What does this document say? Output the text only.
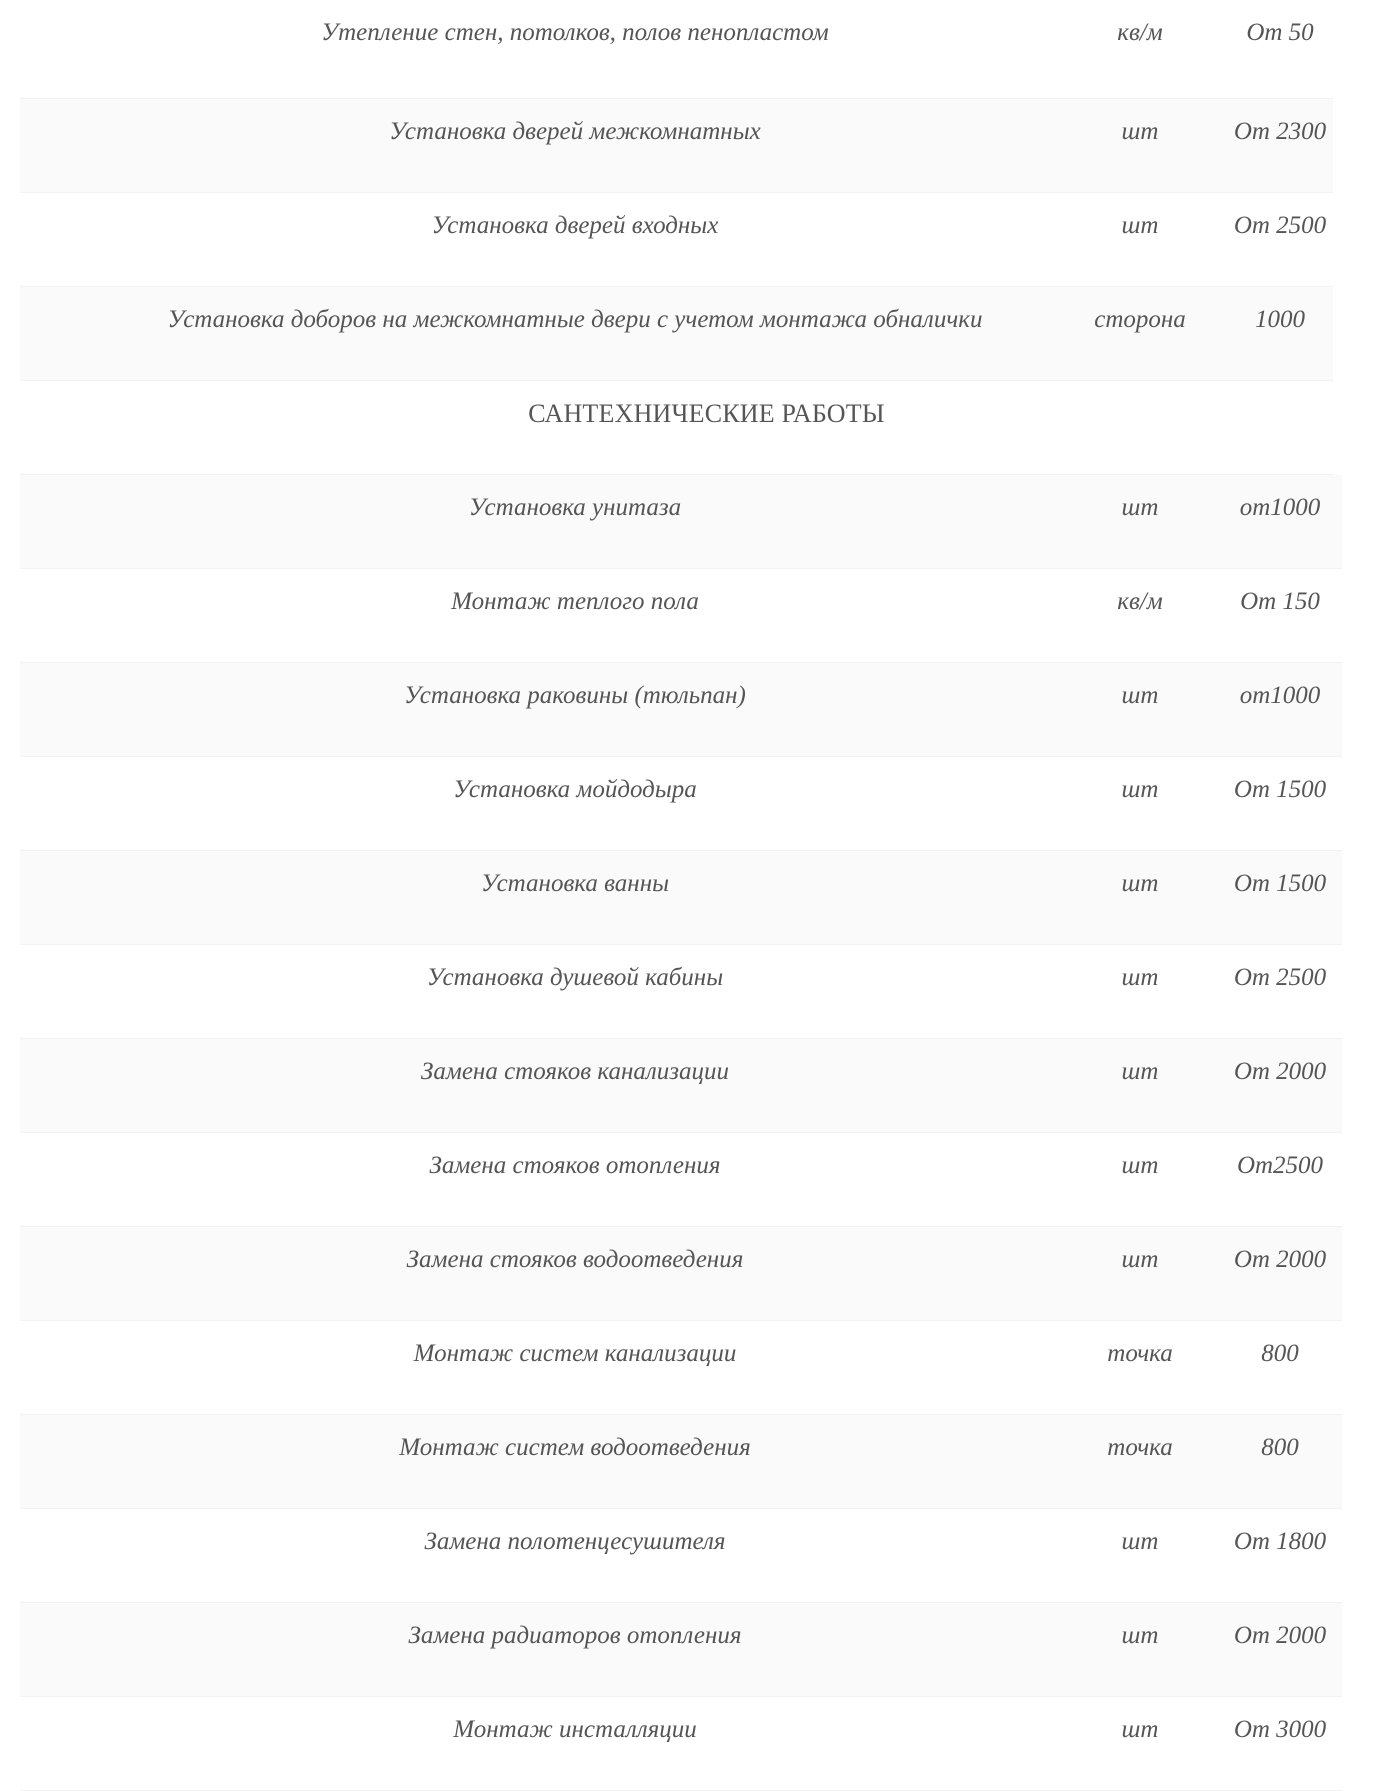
Утепление стен, потолков, полов пенопластом	кв/м	От 50
Установка дверей межкомнатных	шт	От 2300
Установка дверей входных	шт	От 2500
Установка доборов на межкомнатные двери с учетом монтажа обналички	сторона	1000
САНТЕХНИЧЕСКИЕ РАБОТЫ
Установка унитаза	шт	от1000
Монтаж теплого пола	кв/м	От 150
Установка раковины (тюльпан)	шт	от1000
Установка мойдодыра	шт	От 1500
Установка ванны	шт	От 1500
Установка душевой кабины	шт	От 2500
Замена стояков канализации	шт	От 2000
Замена стояков отопления	шт	От2500
Замена стояков водоотведения	шт	От 2000
Монтаж систем канализации	точка	800
Монтаж систем водоотведения	точка	800
Замена полотенцесушителя	шт	От 1800
Замена радиаторов отопления	шт	От 2000
Монтаж инсталляции	шт	От 3000
